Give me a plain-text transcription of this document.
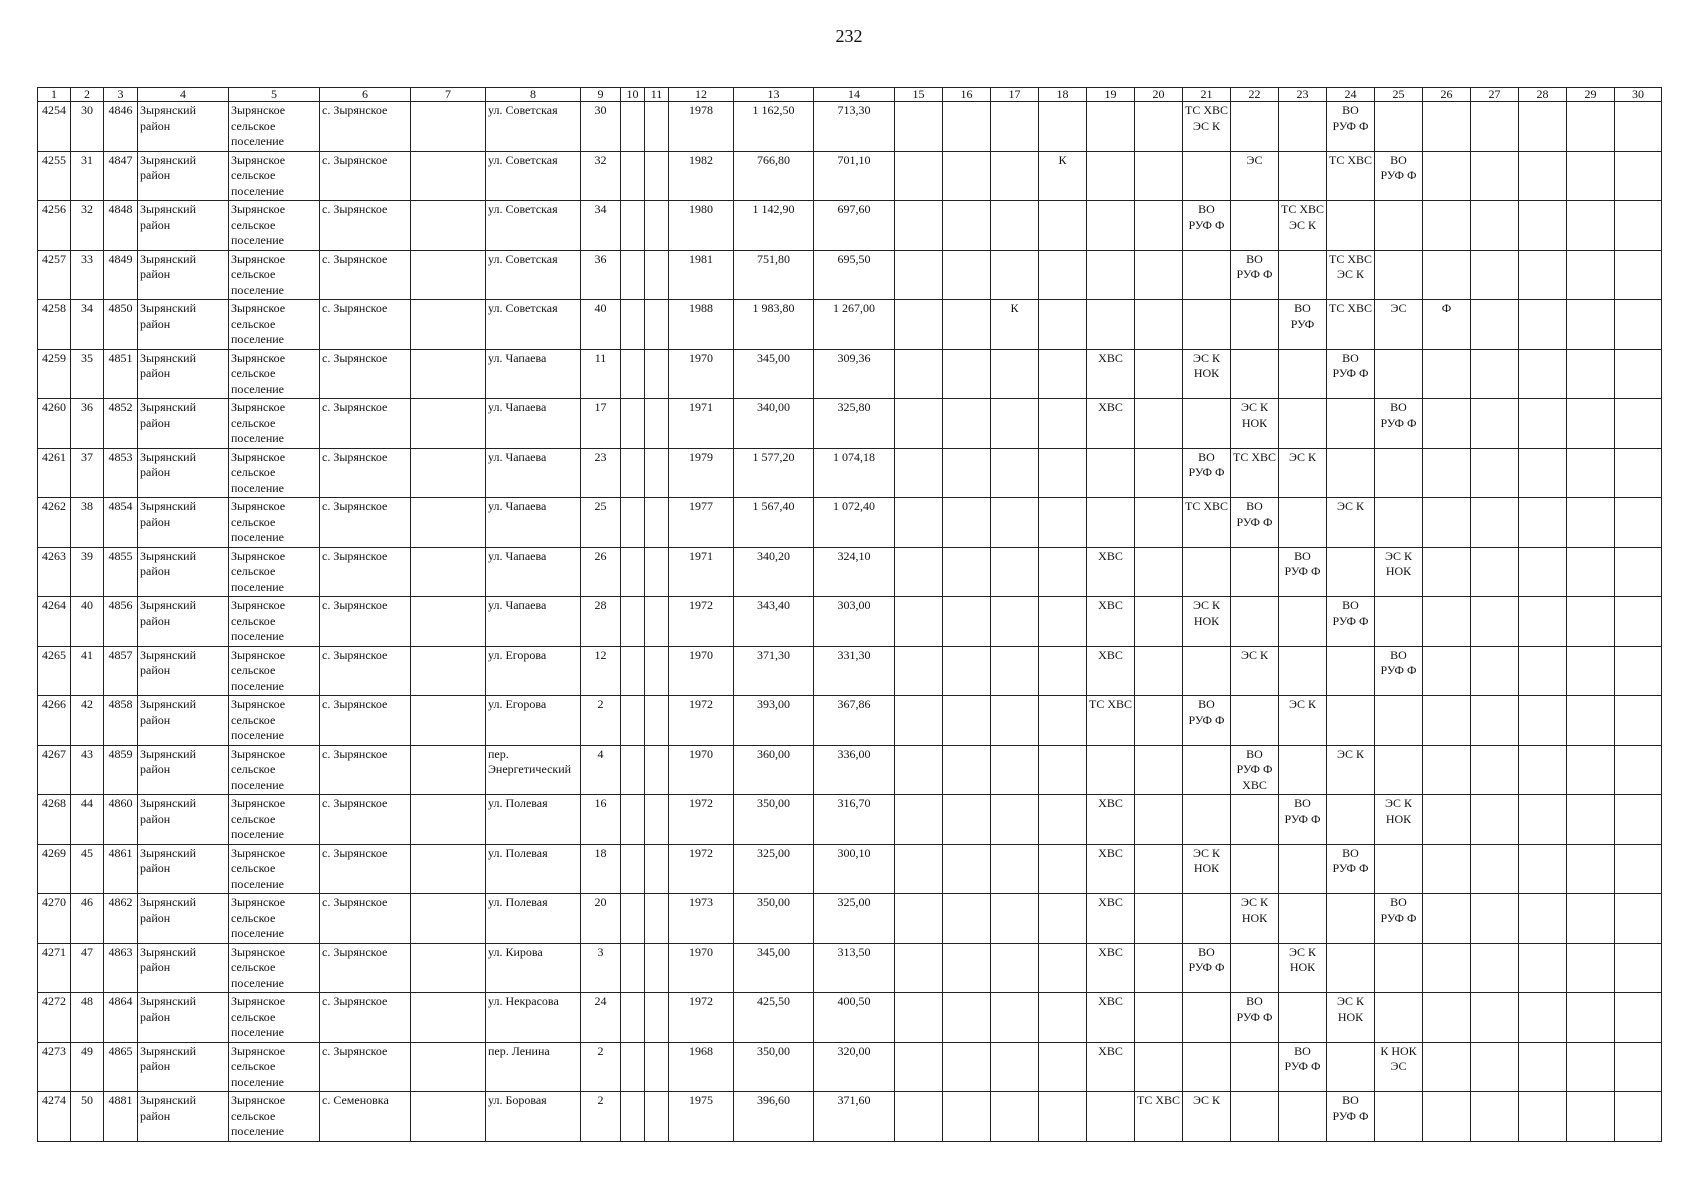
232
1	2	3	4	5	6	7	8	9	10	11	12	13	14	15	16	17	18	19	20	21	22	23	24	25	26	27	28	29	30
4254	30	4846	Зырянский район	Зырянское сельское поселение	с. Зырянское		ул. Советская	30			1978	1 162,50	713,30							ТС ХВС ЭС К			ВО РУФ Ф						
4255	31	4847	Зырянский район	Зырянское сельское поселение	с. Зырянское		ул. Советская	32			1982	766,80	701,10				К				ЭС		ТС ХВС	ВО РУФ Ф					
4256	32	4848	Зырянский район	Зырянское сельское поселение	с. Зырянское		ул. Советская	34			1980	1 142,90	697,60							ВО РУФ Ф		ТС ХВС ЭС К							
4257	33	4849	Зырянский район	Зырянское сельское поселение	с. Зырянское		ул. Советская	36			1981	751,80	695,50								ВО РУФ Ф		ТС ХВС ЭС К						
4258	34	4850	Зырянский район	Зырянское сельское поселение	с. Зырянское		ул. Советская	40			1988	1 983,80	1 267,00			К						ВО РУФ	ТС ХВС	ЭС	Ф				
4259	35	4851	Зырянский район	Зырянское сельское поселение	с. Зырянское		ул. Чапаева	11			1970	345,00	309,36					ХВС		ЭС К НОК			ВО РУФ Ф						
4260	36	4852	Зырянский район	Зырянское сельское поселение	с. Зырянское		ул. Чапаева	17			1971	340,00	325,80					ХВС			ЭС К НОК			ВО РУФ Ф					
4261	37	4853	Зырянский район	Зырянское сельское поселение	с. Зырянское		ул. Чапаева	23			1979	1 577,20	1 074,18							ВО РУФ Ф	ТС ХВС	ЭС К							
4262	38	4854	Зырянский район	Зырянское сельское поселение	с. Зырянское		ул. Чапаева	25			1977	1 567,40	1 072,40							ТС ХВС	ВО РУФ Ф		ЭС К						
4263	39	4855	Зырянский район	Зырянское сельское поселение	с. Зырянское		ул. Чапаева	26			1971	340,20	324,10					ХВС				ВО РУФ Ф		ЭС К НОК					
4264	40	4856	Зырянский район	Зырянское сельское поселение	с. Зырянское		ул. Чапаева	28			1972	343,40	303,00					ХВС		ЭС К НОК			ВО РУФ Ф						
4265	41	4857	Зырянский район	Зырянское сельское поселение	с. Зырянское		ул. Егорова	12			1970	371,30	331,30					ХВС			ЭС К			ВО РУФ Ф					
4266	42	4858	Зырянский район	Зырянское сельское поселение	с. Зырянское		ул. Егорова	2			1972	393,00	367,86					ТС ХВС		ВО РУФ Ф		ЭС К							
4267	43	4859	Зырянский район	Зырянское сельское поселение	с. Зырянское		пер. Энергетический	4			1970	360,00	336,00								ВО РУФ Ф ХВС		ЭС К						
4268	44	4860	Зырянский район	Зырянское сельское поселение	с. Зырянское		ул. Полевая	16			1972	350,00	316,70					ХВС				ВО РУФ Ф		ЭС К НОК					
4269	45	4861	Зырянский район	Зырянское сельское поселение	с. Зырянское		ул. Полевая	18			1972	325,00	300,10					ХВС		ЭС К НОК			ВО РУФ Ф						
4270	46	4862	Зырянский район	Зырянское сельское поселение	с. Зырянское		ул. Полевая	20			1973	350,00	325,00					ХВС			ЭС К НОК			ВО РУФ Ф					
4271	47	4863	Зырянский район	Зырянское сельское поселение	с. Зырянское		ул. Кирова	3			1970	345,00	313,50					ХВС		ВО РУФ Ф		ЭС К НОК							
4272	48	4864	Зырянский район	Зырянское сельское поселение	с. Зырянское		ул. Некрасова	24			1972	425,50	400,50					ХВС			ВО РУФ Ф		ЭС К НОК						
4273	49	4865	Зырянский район	Зырянское сельское поселение	с. Зырянское		пер. Ленина	2			1968	350,00	320,00					ХВС				ВО РУФ Ф		К НОК ЭС					
4274	50	4881	Зырянский район	Зырянское сельское поселение	с. Семеновка		ул. Боровая	2			1975	396,60	371,60						ТС ХВС	ЭС К			ВО РУФ Ф						
